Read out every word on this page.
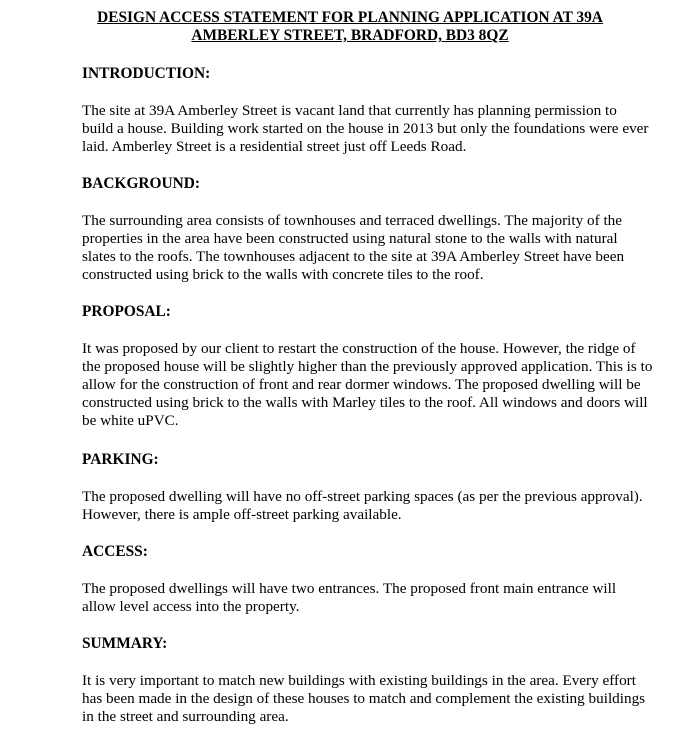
DESIGN ACCESS STATEMENT FOR PLANNING APPLICATION AT 39A
AMBERLEY STREET, BRADFORD, BD3 8QZ
INTRODUCTION:
The site at 39A Amberley Street is vacant land that currently has planning permission to
build a house. Building work started on the house in 2013 but only the foundations were ever
laid. Amberley Street is a residential street just off Leeds Road.
BACKGROUND:
The surrounding area consists of townhouses and terraced dwellings. The majority of the
properties in the area have been constructed using natural stone to the walls with natural
slates to the roofs. The townhouses adjacent to the site at 39A Amberley Street have been
constructed using brick to the walls with concrete tiles to the roof.
PROPOSAL:
It was proposed by our client to restart the construction of the house. However, the ridge of
the proposed house will be slightly higher than the previously approved application. This is to
allow for the construction of front and rear dormer windows. The proposed dwelling will be
constructed using brick to the walls with Marley tiles to the roof. All windows and doors will
be white uPVC.
PARKING:
The proposed dwelling will have no off-street parking spaces (as per the previous approval).
However, there is ample off-street parking available.
ACCESS:
The proposed dwellings will have two entrances. The proposed front main entrance will
allow level access into the property.
SUMMARY:
It is very important to match new buildings with existing buildings in the area. Every effort
has been made in the design of these houses to match and complement the existing buildings
in the street and surrounding area.
